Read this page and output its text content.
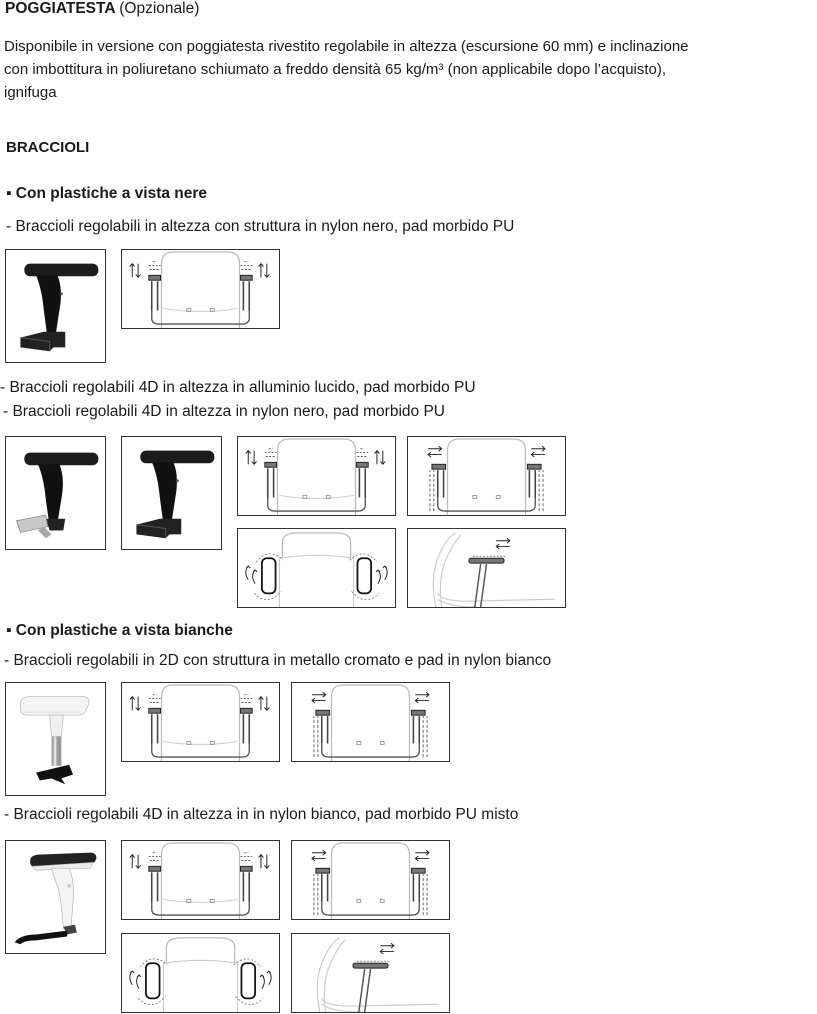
POGGIATESTA (Opzionale)
Disponibile in versione con poggiatesta rivestito regolabile in altezza (escursione 60 mm) e inclinazione
con imbottitura in poliuretano schiumato a freddo densità 65 kg/m³ (non applicabile dopo l’acquisto),
ignifuga
BRACCIOLI
▪ Con plastiche a vista nere
- Braccioli regolabili in altezza con struttura in nylon nero, pad morbido PU
- Braccioli regolabili 4D in altezza in alluminio lucido, pad morbido PU
- Braccioli regolabili 4D in altezza in nylon nero, pad morbido PU
▪ Con plastiche a vista bianche
- Braccioli regolabili in 2D con struttura in metallo cromato e pad in nylon bianco
- Braccioli regolabili 4D in altezza in in nylon bianco, pad morbido PU misto
